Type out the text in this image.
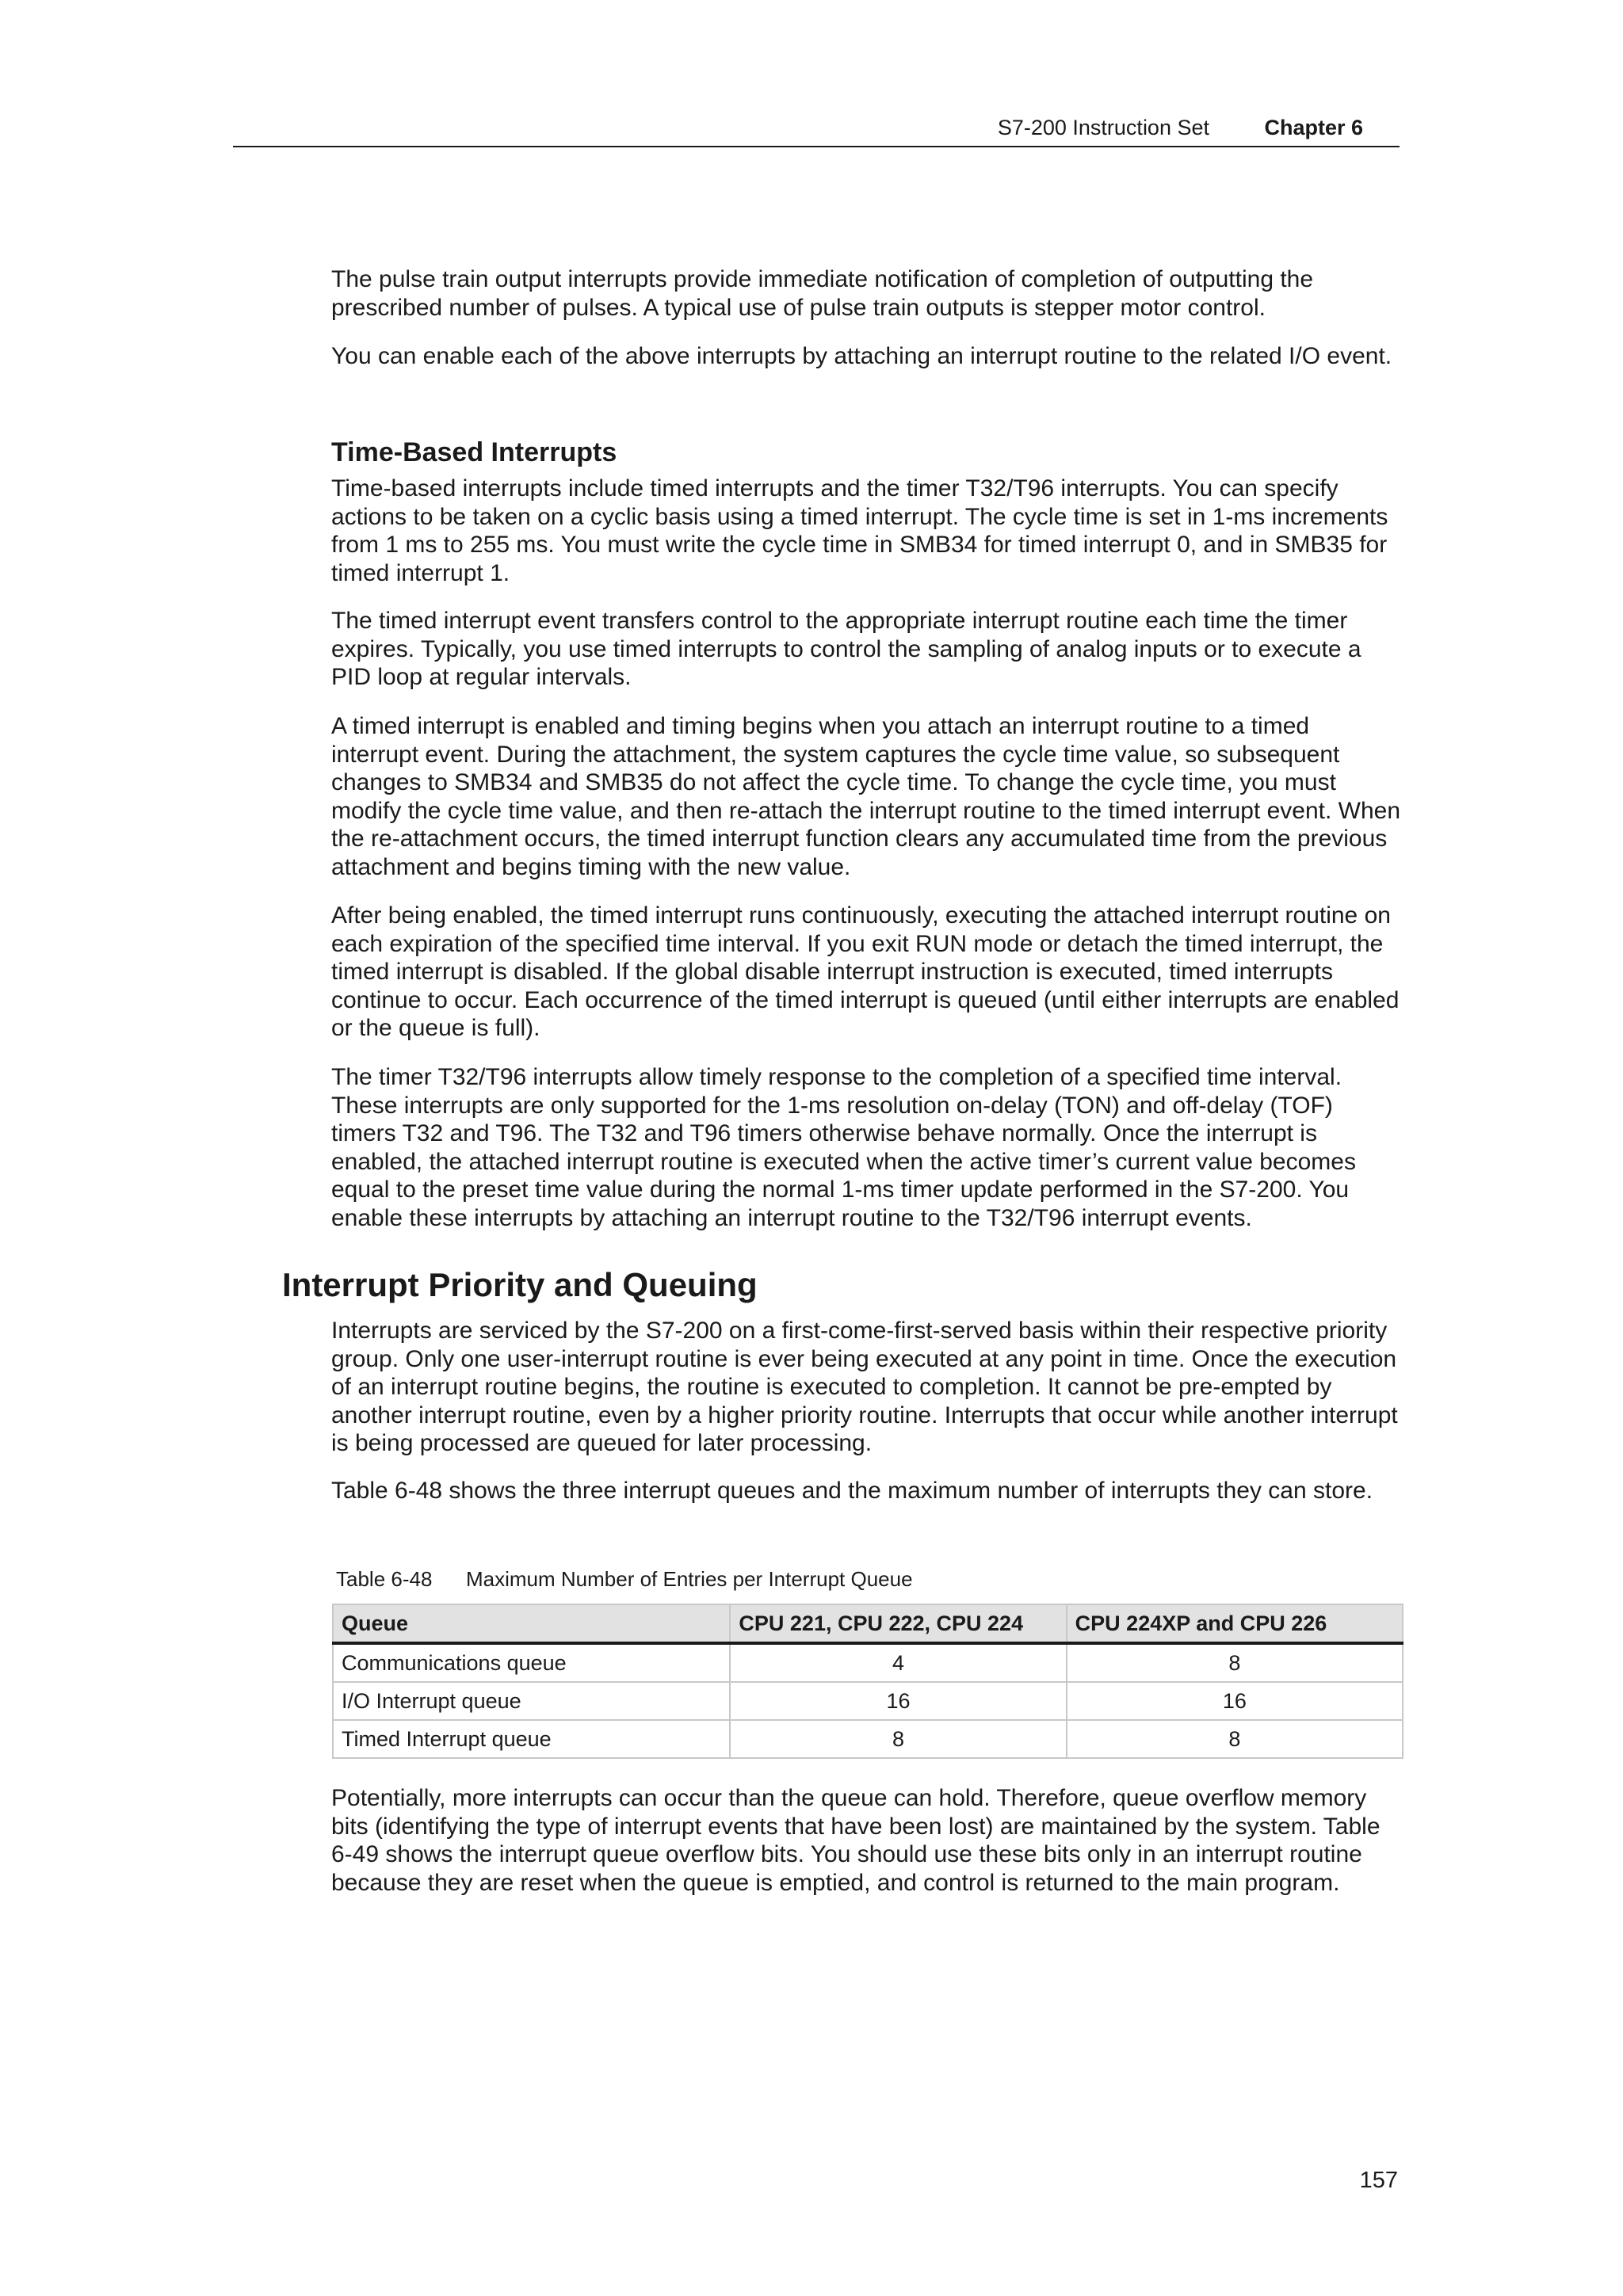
S7-200 Instruction Set	Chapter 6

The pulse train output interrupts provide immediate notification of completion of outputting the prescribed number of pulses. A typical use of pulse train outputs is stepper motor control.

You can enable each of the above interrupts by attaching an interrupt routine to the related I/O event.

Time-Based Interrupts

Time-based interrupts include timed interrupts and the timer T32/T96 interrupts. You can specify actions to be taken on a cyclic basis using a timed interrupt. The cycle time is set in 1-ms increments from 1 ms to 255 ms. You must write the cycle time in SMB34 for timed interrupt 0, and in SMB35 for timed interrupt 1.

The timed interrupt event transfers control to the appropriate interrupt routine each time the timer expires. Typically, you use timed interrupts to control the sampling of analog inputs or to execute a PID loop at regular intervals.

A timed interrupt is enabled and timing begins when you attach an interrupt routine to a timed interrupt event. During the attachment, the system captures the cycle time value, so subsequent changes to SMB34 and SMB35 do not affect the cycle time. To change the cycle time, you must modify the cycle time value, and then re-attach the interrupt routine to the timed interrupt event. When the re-attachment occurs, the timed interrupt function clears any accumulated time from the previous attachment and begins timing with the new value.

After being enabled, the timed interrupt runs continuously, executing the attached interrupt routine on each expiration of the specified time interval. If you exit RUN mode or detach the timed interrupt, the timed interrupt is disabled. If the global disable interrupt instruction is executed, timed interrupts continue to occur. Each occurrence of the timed interrupt is queued (until either interrupts are enabled or the queue is full).

The timer T32/T96 interrupts allow timely response to the completion of a specified time interval. These interrupts are only supported for the 1-ms resolution on-delay (TON) and off-delay (TOF) timers T32 and T96. The T32 and T96 timers otherwise behave normally. Once the interrupt is enabled, the attached interrupt routine is executed when the active timer’s current value becomes equal to the preset time value during the normal 1-ms timer update performed in the S7-200. You enable these interrupts by attaching an interrupt routine to the T32/T96 interrupt events.

Interrupt Priority and Queuing

Interrupts are serviced by the S7-200 on a first-come-first-served basis within their respective priority group. Only one user-interrupt routine is ever being executed at any point in time. Once the execution of an interrupt routine begins, the routine is executed to completion. It cannot be pre-empted by another interrupt routine, even by a higher priority routine. Interrupts that occur while another interrupt is being processed are queued for later processing.

Table 6-48 shows the three interrupt queues and the maximum number of interrupts they can store.

Table 6-48 Maximum Number of Entries per Interrupt Queue
Queue	CPU 221, CPU 222, CPU 224	CPU 224XP and CPU 226
Communications queue	4	8
I/O Interrupt queue	16	16
Timed Interrupt queue	8	8

Potentially, more interrupts can occur than the queue can hold. Therefore, queue overflow memory bits (identifying the type of interrupt events that have been lost) are maintained by the system. Table 6-49 shows the interrupt queue overflow bits. You should use these bits only in an interrupt routine because they are reset when the queue is emptied, and control is returned to the main program.

157
